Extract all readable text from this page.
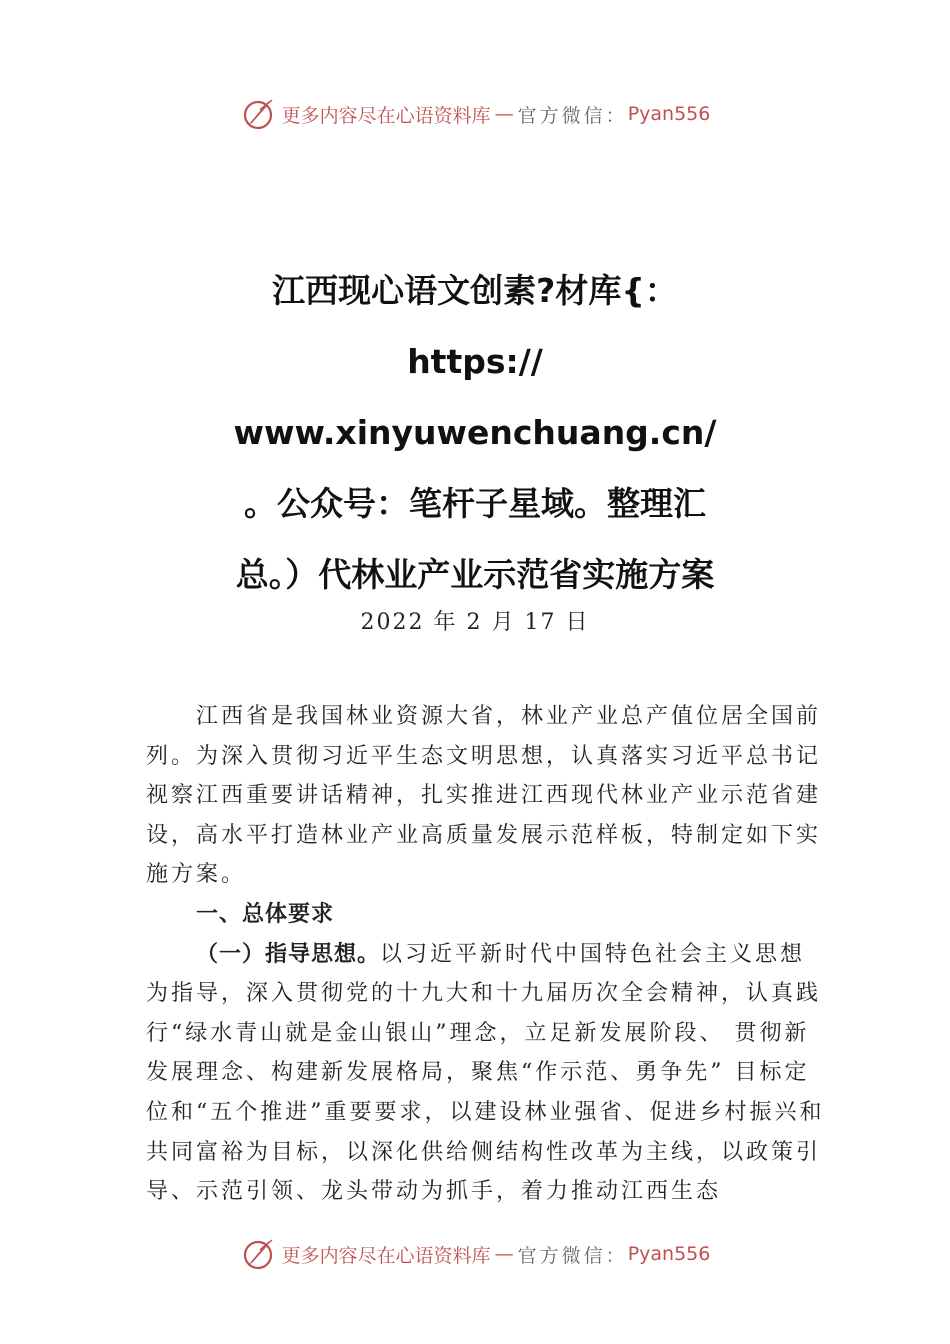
更多内容尽在心语资料库 — 官方微信： Pyan556
江西现心语文创素?材库{：
https://
www.xinyuwenchuang.cn/
。公众号：笔杆子星域。整理汇
总。）代林业产业示范省实施方案
2022 年 2 月 17 日

江西省是我国林业资源大省，林业产业总产值位居全国前列。为深入贯彻习近平生态文明思想，认真落实习近平总书记视察江西重要讲话精神，扎实推进江西现代林业产业示范省建设，高水平打造林业产业高质量发展示范样板，特制定如下实施方案。

一、总体要求

（一）指导思想。以习近平新时代中国特色社会主义思想为指导，深入贯彻党的十九大和十九届历次全会精神，认真践行“绿水青山就是金山银山”理念，立足新发展阶段、 贯彻新发展理念、构建新发展格局，聚焦“作示范、勇争先” 目标定位和“五个推进”重要要求，以建设林业强省、促进乡村振兴和共同富裕为目标，以深化供给侧结构性改革为主线，以政策引导、示范引领、龙头带动为抓手，着力推动江西生态

更多内容尽在心语资料库 — 官方微信： Pyan556
